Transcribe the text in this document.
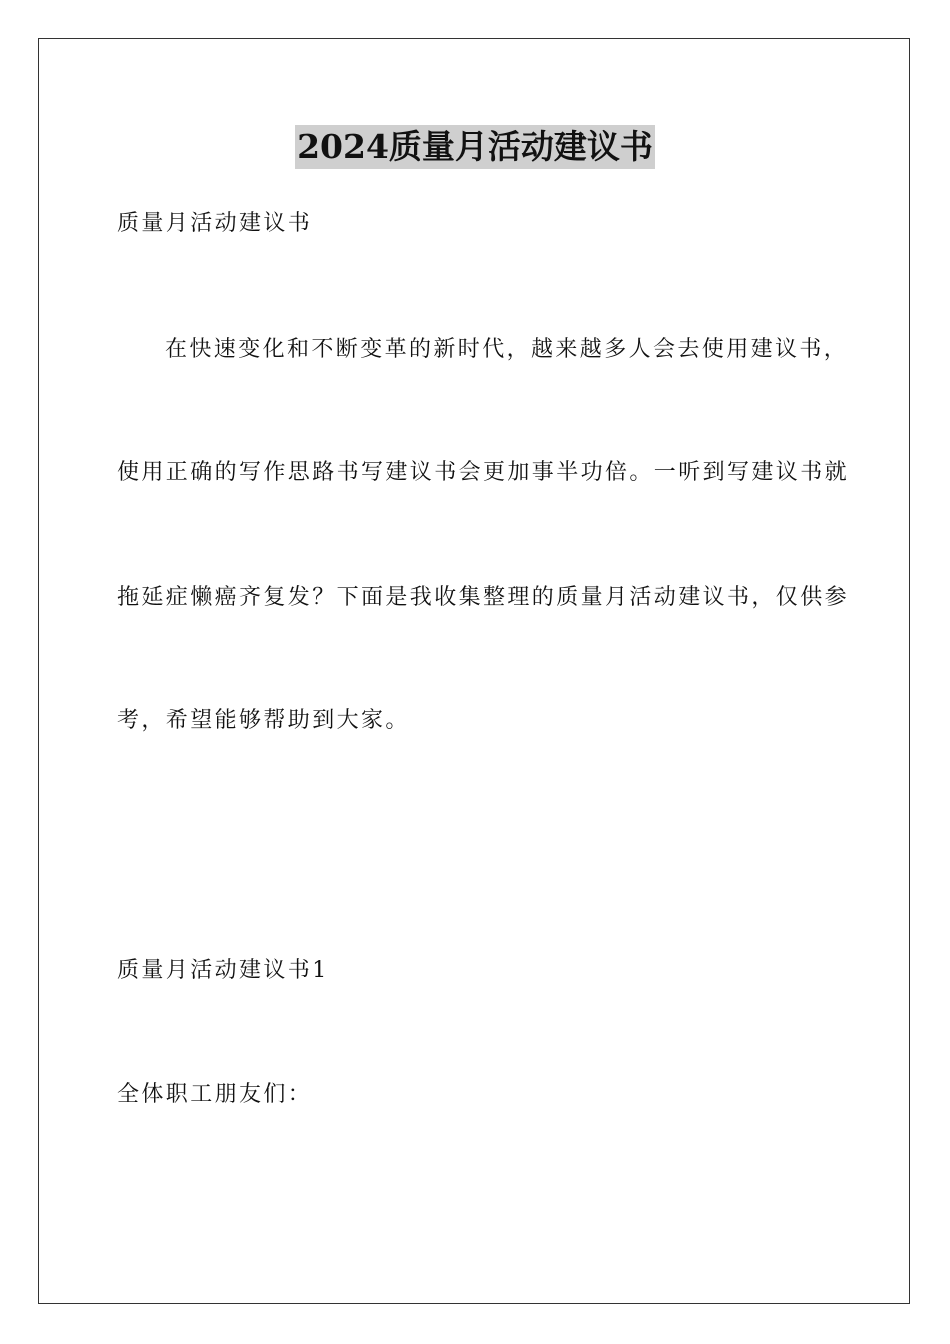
2024质量月活动建议书
质量月活动建议书
在快速变化和不断变革的新时代，越来越多人会去使用建议书，
使用正确的写作思路书写建议书会更加事半功倍。一听到写建议书就
拖延症懒癌齐复发？下面是我收集整理的质量月活动建议书，仅供参
考，希望能够帮助到大家。
质量月活动建议书1
全体职工朋友们：
